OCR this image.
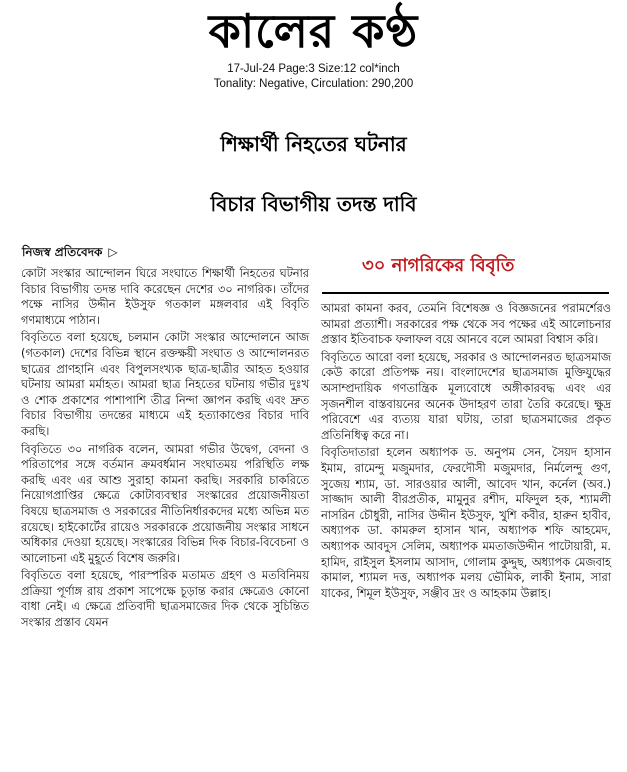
কালের কণ্ঠ
17-Jul-24 Page:3 Size:12 col*inch
Tonality: Negative, Circulation: 290,200
শিক্ষার্থী নিহতের ঘটনার
বিচার বিভাগীয় তদন্ত দাবি
নিজস্ব প্রতিবেদক ▷
৩০ নাগরিকের বিবৃতি

কোটা সংস্কার আন্দোলন ঘিরে সংঘাতে শিক্ষার্থী নিহতের ঘটনার বিচার বিভাগীয় তদন্ত দাবি করেছেন দেশের ৩০ নাগরিক। তাঁদের পক্ষে নাসির উদ্দীন ইউসুফ গতকাল মঙ্গলবার এই বিবৃতি গণমাধ্যমে পাঠান।

বিবৃতিতে বলা হয়েছে, চলমান কোটা সংস্কার আন্দোলনে আজ (গতকাল) দেশের বিভিন্ন স্থানে রক্তক্ষয়ী সংঘাত ও আন্দোলনরত ছাত্রের প্রাণহানি এবং বিপুলসংখ্যক ছাত্র-ছাত্রীর আহত হওয়ার ঘটনায় আমরা মর্মাহত। আমরা ছাত্র নিহতের ঘটনায় গভীর দুঃখ ও শোক প্রকাশের পাশাপাশি তীব্র নিন্দা জ্ঞাপন করছি এবং দ্রুত বিচার বিভাগীয় তদন্তের মাধ্যমে এই হত্যাকাণ্ডের বিচার দাবি করছি।

বিবৃতিতে ৩০ নাগরিক বলেন, আমরা গভীর উদ্বেগ, বেদনা ও পরিতাপের সঙ্গে বর্তমান ক্রমবর্ধমান সংঘাতময় পরিস্থিতি লক্ষ করছি এবং এর আশু সুরাহা কামনা করছি। সরকারি চাকরিতে নিয়োগপ্রাপ্তির ক্ষেত্রে কোটাব্যবস্থার সংস্কারের প্রয়োজনীয়তা বিষয়ে ছাত্রসমাজ ও সরকারের নীতিনির্ধারকদের মধ্যে অভিন্ন মত রয়েছে। হাইকোর্টের রায়েও সরকারকে প্রয়োজনীয় সংস্কার সাধনে অধিকার দেওয়া হয়েছে। সংস্কারের বিভিন্ন দিক বিচার-বিবেচনা ও আলোচনা এই মুহূর্তে বিশেষ জরুরি।

বিবৃতিতে বলা হয়েছে, পারস্পরিক মতামত গ্রহণ ও মতবিনিময় প্রক্রিয়া পূর্ণাঙ্গ রায় প্রকাশ সাপেক্ষে চূড়ান্ত করার ক্ষেত্রেও কোনো বাধা নেই। এ ক্ষেত্রে প্রতিবাদী ছাত্রসমাজের দিক থেকে সুচিন্তিত সংস্কার প্রস্তাব যেমন

আমরা কামনা করব, তেমনি বিশেষজ্ঞ ও বিজ্ঞজনের পরামর্শেরও আমরা প্রত্যাশী। সরকারের পক্ষ থেকে সব পক্ষের এই আলোচনার প্রস্তাব ইতিবাচক ফলাফল বয়ে আনবে বলে আমরা বিশ্বাস করি।

বিবৃতিতে আরো বলা হয়েছে, সরকার ও আন্দোলনরত ছাত্রসমাজ কেউ কারো প্রতিপক্ষ নয়। বাংলাদেশের ছাত্রসমাজ মুক্তিযুদ্ধের অসাম্প্রদায়িক গণতান্ত্রিক মূল্যবোধে অঙ্গীকারবদ্ধ এবং এর সৃজনশীল বাস্তবায়নের অনেক উদাহরণ তারা তৈরি করেছে। ক্ষুদ্র পরিবেশে এর ব্যত্যয় যারা ঘটায়, তারা ছাত্রসমাজের প্রকৃত প্রতিনিধিত্ব করে না।

বিবৃতিদাতারা হলেন অধ্যাপক ড. অনুপম সেন, সৈয়দ হাসান ইমাম, রামেন্দু মজুমদার, ফেরদৌসী মজুমদার, নির্মলেন্দু গুণ, সুজেয় শ্যাম, ডা. সারওয়ার আলী, আবেদ খান, কর্নেল (অব.) সাজ্জাদ আলী বীরপ্রতীক, মামুনুর রশীদ, মফিদুল হক, শ্যামলী নাসরিন চৌধুরী, নাসির উদ্দীন ইউসুফ, খুশি কবীর, হারুন হাবীব, অধ্যাপক ডা. কামরুল হাসান খান, অধ্যাপক শফি আহমেদ, অধ্যাপক আবদুস সেলিম, অধ্যাপক মমতাজউদ্দীন পাটোয়ারী, ম. হামিদ, রাইসুল ইসলাম আসাদ, গোলাম কুদ্দুছ, অধ্যাপক মেজবাহ কামাল, শ্যামল দত্ত, অধ্যাপক মলয় ভৌমিক, লাকী ইনাম, সারা যাকের, শিমূল ইউসুফ, সঞ্জীব দ্রং ও আহকাম উল্লাহ।
